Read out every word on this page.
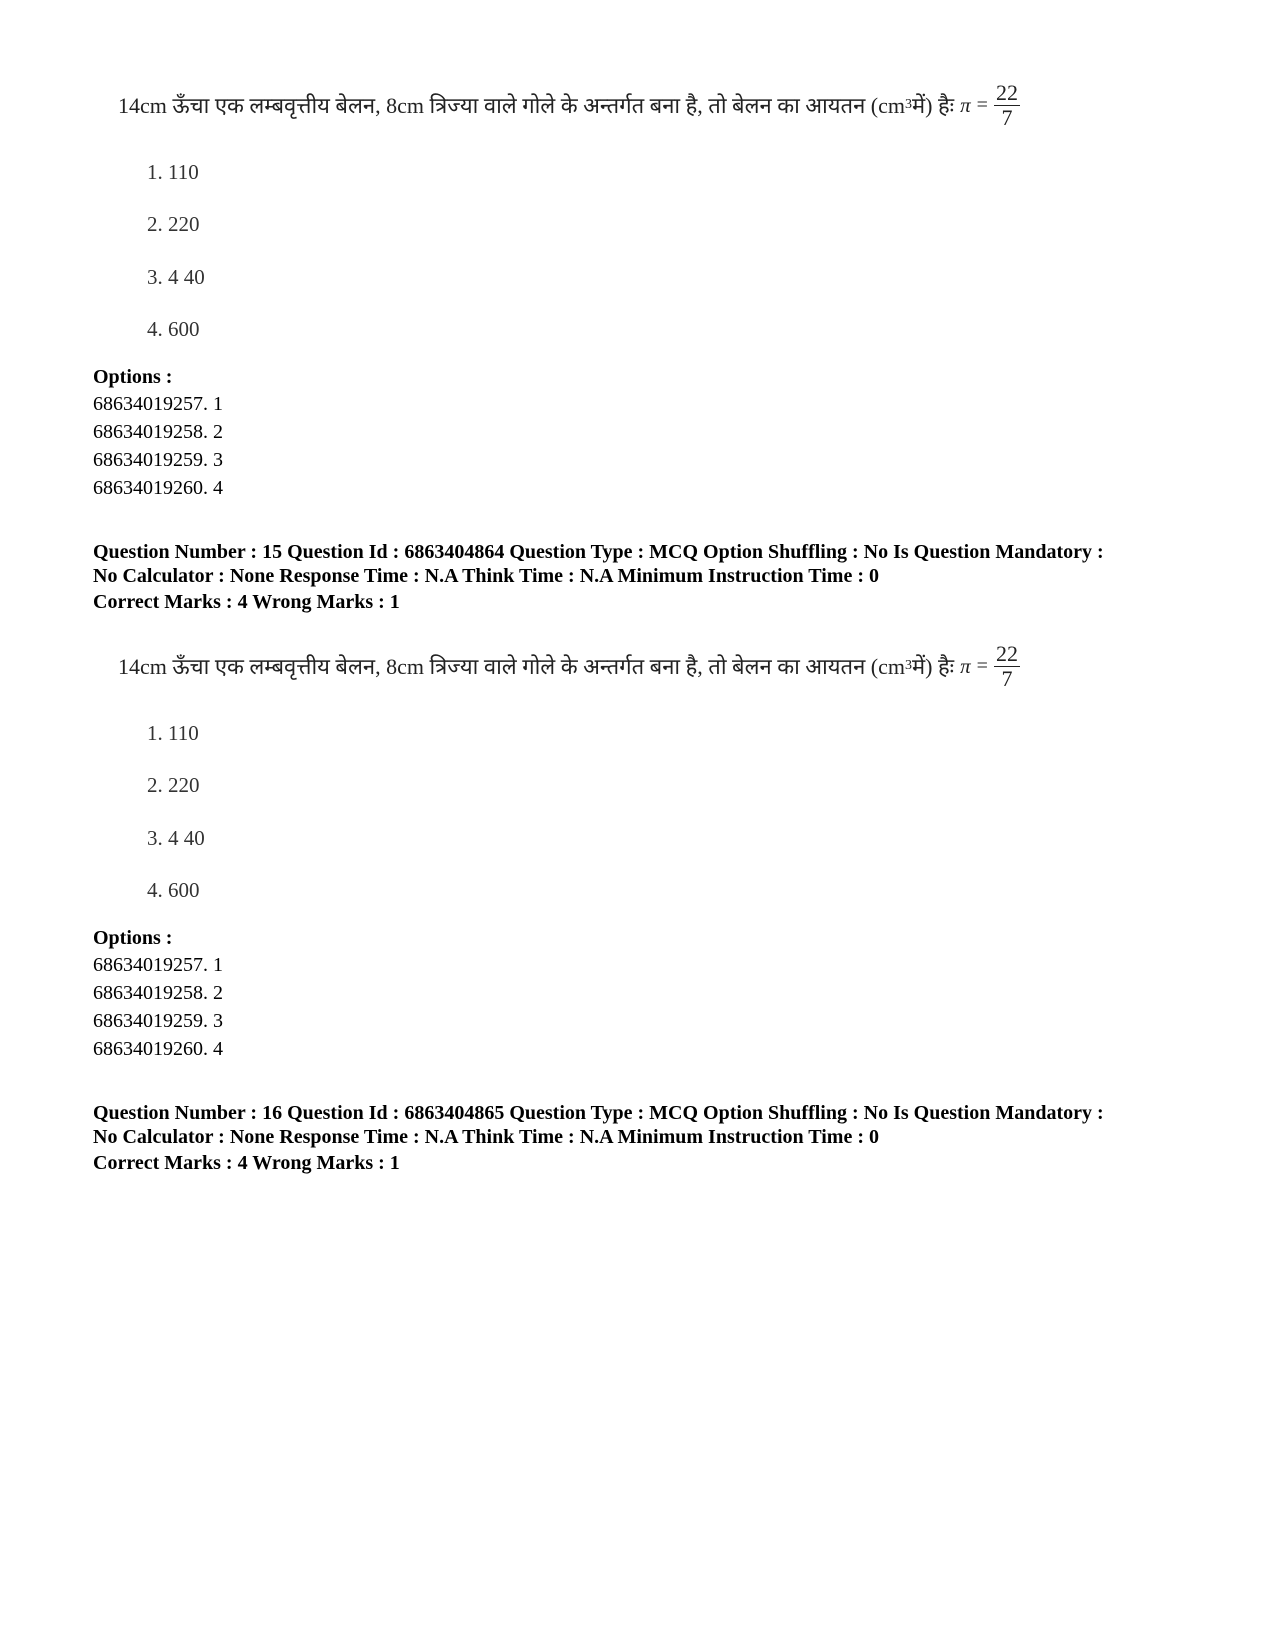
14cm ऊँचा एक लम्बवृत्तीय बेलन, 8cm त्रिज्या वाले गोले के अन्तर्गत बना है, तो बेलन का आयतन (cm 3 में) हैः $\pi = \frac{22}{7}$
1. 110
2. 220
3. 4 40
4. 600
Options :
68634019257. 1
68634019258. 2
68634019259. 3
68634019260. 4
Question Number : 15 Question Id : 6863404864 Question Type : MCQ Option Shuffling : No Is Question Mandatory :
No Calculator : None Response Time : N.A Think Time : N.A Minimum Instruction Time : 0
Correct Marks : 4 Wrong Marks : 1
14cm ऊँचा एक लम्बवृत्तीय बेलन, 8cm त्रिज्या वाले गोले के अन्तर्गत बना है, तो बेलन का आयतन (cm 3 में) हैः $\pi = \frac{22}{7}$
1. 110
2. 220
3. 4 40
4. 600
Options :
68634019257. 1
68634019258. 2
68634019259. 3
68634019260. 4
Question Number : 16 Question Id : 6863404865 Question Type : MCQ Option Shuffling : No Is Question Mandatory :
No Calculator : None Response Time : N.A Think Time : N.A Minimum Instruction Time : 0
Correct Marks : 4 Wrong Marks : 1
